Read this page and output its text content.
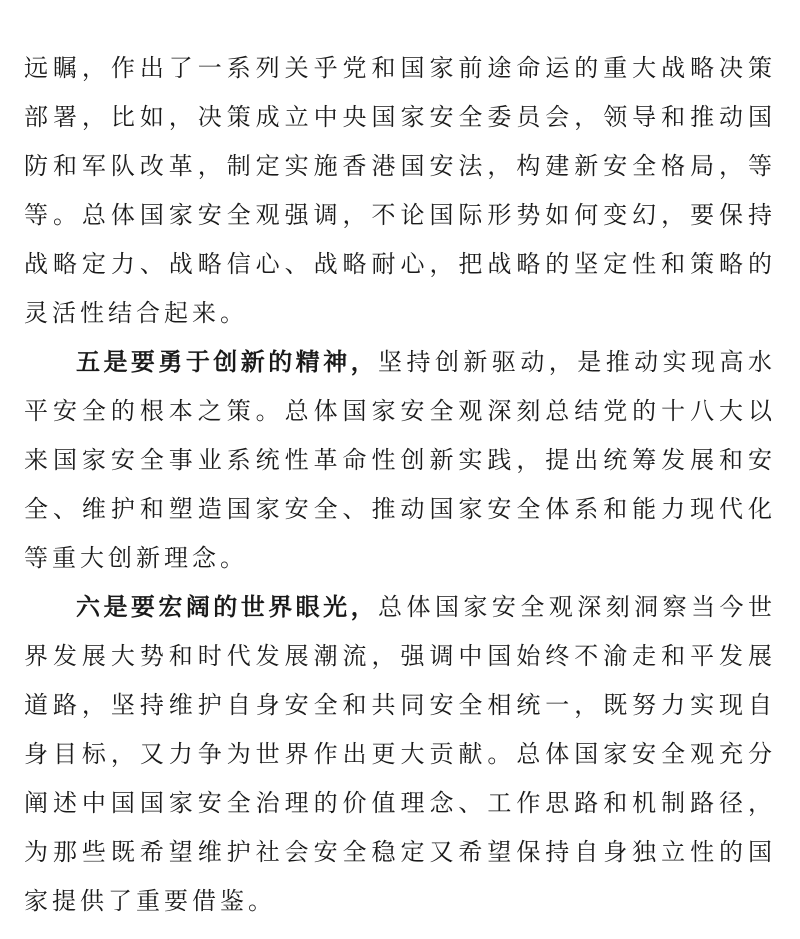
远瞩，作出了一系列关乎党和国家前途命运的重大战略决策部署，比如，决策成立中央国家安全委员会，领导和推动国防和军队改革，制定实施香港国安法，构建新安全格局，等等。总体国家安全观强调，不论国际形势如何变幻，要保持战略定力、战略信心、战略耐心，把战略的坚定性和策略的灵活性结合起来。

五是要勇于创新的精神，坚持创新驱动，是推动实现高水平安全的根本之策。总体国家安全观深刻总结党的十八大以来国家安全事业系统性革命性创新实践，提出统筹发展和安全、维护和塑造国家安全、推动国家安全体系和能力现代化等重大创新理念。

六是要宏阔的世界眼光，总体国家安全观深刻洞察当今世界发展大势和时代发展潮流，强调中国始终不渝走和平发展道路，坚持维护自身安全和共同安全相统一，既努力实现自身目标，又力争为世界作出更大贡献。总体国家安全观充分阐述中国国家安全治理的价值理念、工作思路和机制路径，为那些既希望维护社会安全稳定又希望保持自身独立性的国家提供了重要借鉴。
